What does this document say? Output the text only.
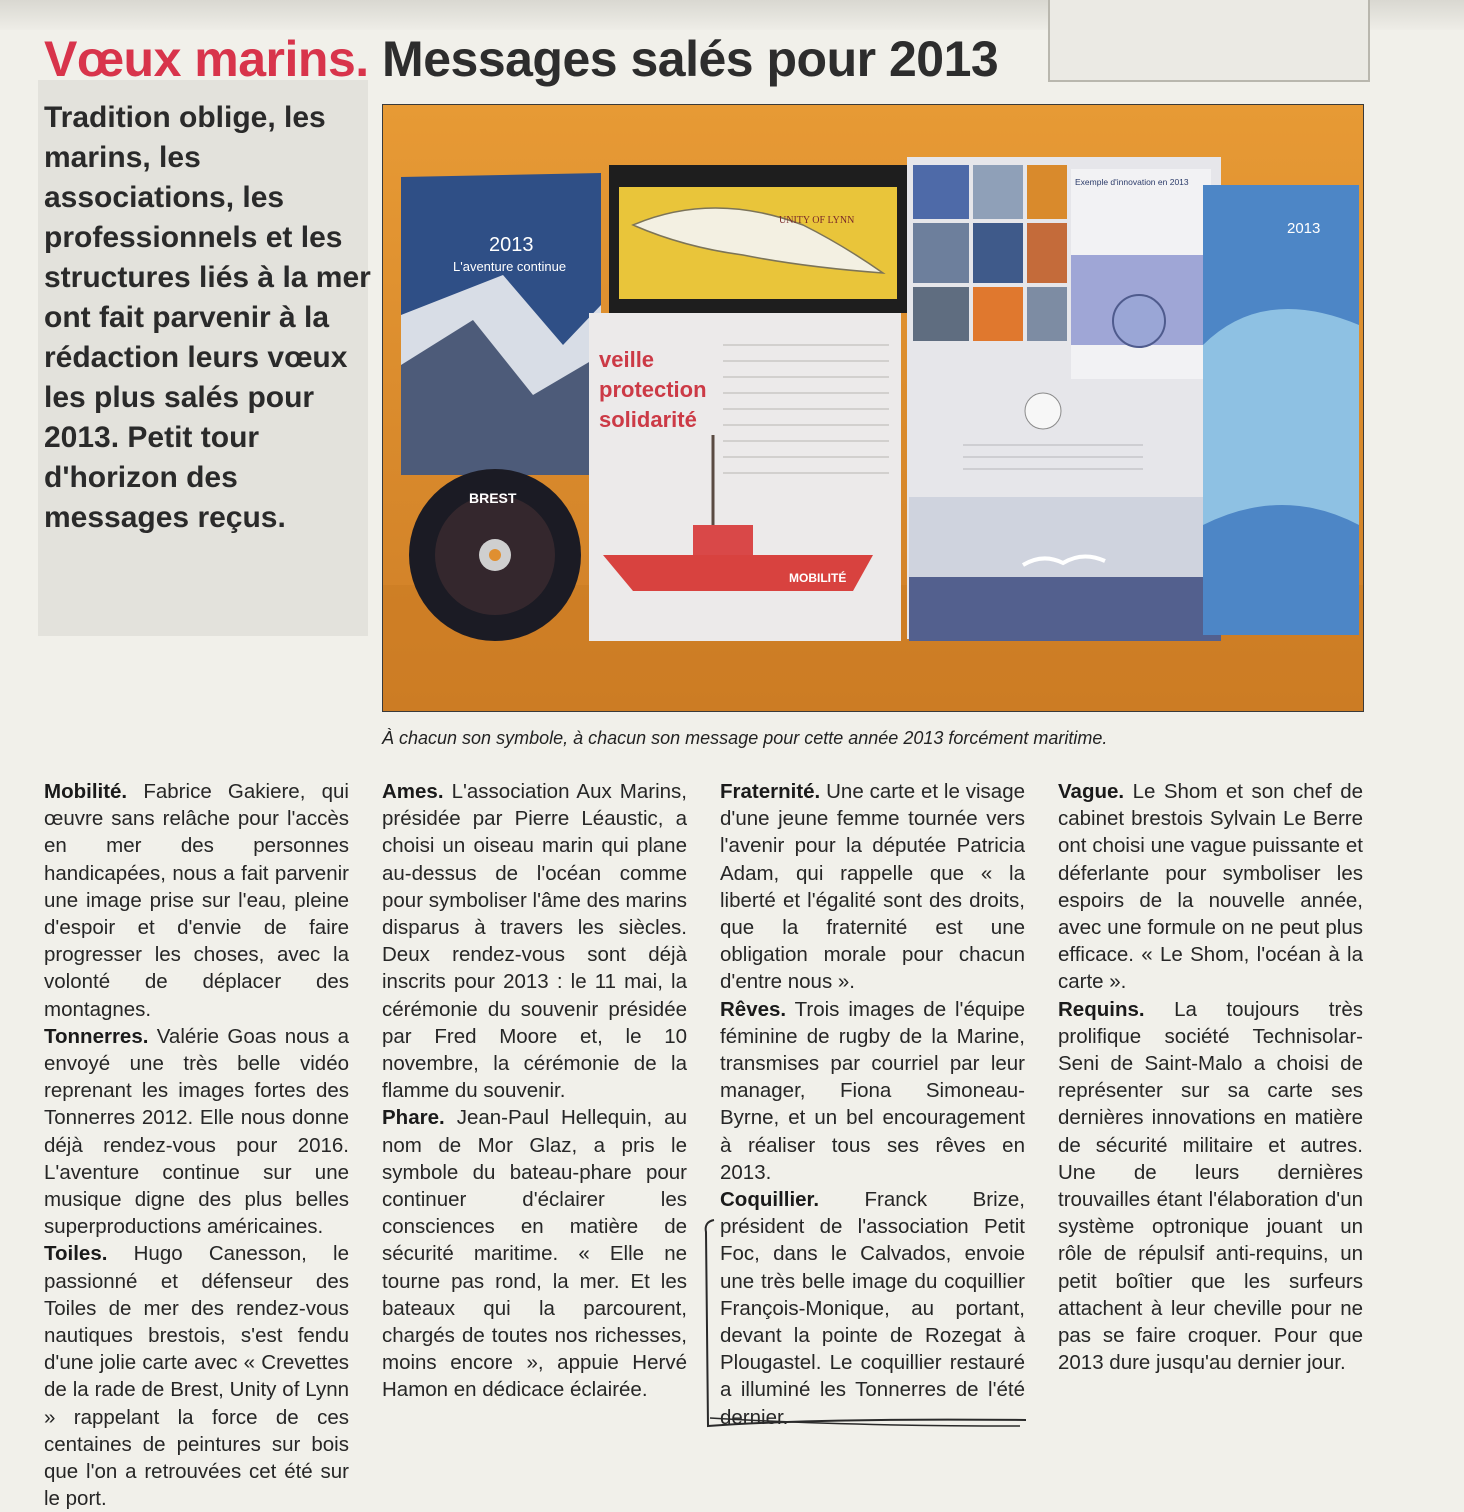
Vœux marins. Messages salés pour 2013

Tradition oblige, les marins, les associations, les professionnels et les structures liés à la mer ont fait parvenir à la rédaction leurs vœux les plus salés pour 2013. Petit tour d'horizon des messages reçus.

2013
L'aventure continue
BREST
UNITY OF LYNN
veille
protection
solidarité
MOBILITÉ
Exemple d'innovation en 2013
2013

À chacun son symbole, à chacun son message pour cette année 2013 forcément maritime.

Mobilité. Fabrice Gakiere, qui œuvre sans relâche pour l'accès en mer des personnes handicapées, nous a fait parvenir une image prise sur l'eau, pleine d'espoir et d'envie de faire progresser les choses, avec la volonté de déplacer des montagnes.

Tonnerres. Valérie Goas nous a envoyé une très belle vidéo reprenant les images fortes des Tonnerres 2012. Elle nous donne déjà rendez-vous pour 2016. L'aventure continue sur une musique digne des plus belles superproductions américaines.

Toiles. Hugo Canesson, le passionné et défenseur des Toiles de mer des rendez-vous nautiques brestois, s'est fendu d'une jolie carte avec « Crevettes de la rade de Brest, Unity of Lynn » rappelant la force de ces centaines de peintures sur bois que l'on a retrouvées cet été sur le port.

Ames. L'association Aux Marins, présidée par Pierre Léaustic, a choisi un oiseau marin qui plane au-dessus de l'océan comme pour symboliser l'âme des marins disparus à travers les siècles. Deux rendez-vous sont déjà inscrits pour 2013 : le 11 mai, la cérémonie du souvenir présidée par Fred Moore et, le 10 novembre, la cérémonie de la flamme du souvenir.

Phare. Jean-Paul Hellequin, au nom de Mor Glaz, a pris le symbole du bateau-phare pour continuer d'éclairer les consciences en matière de sécurité maritime. « Elle ne tourne pas rond, la mer. Et les bateaux qui la parcourent, chargés de toutes nos richesses, moins encore », appuie Hervé Hamon en dédicace éclairée.

Fraternité. Une carte et le visage d'une jeune femme tournée vers l'avenir pour la députée Patricia Adam, qui rappelle que « la liberté et l'égalité sont des droits, que la fraternité est une obligation morale pour chacun d'entre nous ».

Rêves. Trois images de l'équipe féminine de rugby de la Marine, transmises par courriel par leur manager, Fiona Simoneau-Byrne, et un bel encouragement à réaliser tous ses rêves en 2013.

Coquillier. Franck Brize, président de l'association Petit Foc, dans le Calvados, envoie une très belle image du coquillier François-Monique, au portant, devant la pointe de Rozegat à Plougastel. Le coquillier restauré a illuminé les Tonnerres de l'été dernier.

Vague. Le Shom et son chef de cabinet brestois Sylvain Le Berre ont choisi une vague puissante et déferlante pour symboliser les espoirs de la nouvelle année, avec une formule on ne peut plus efficace. « Le Shom, l'océan à la carte ».

Requins. La toujours très prolifique société Technisolar-Seni de Saint-Malo a choisi de représenter sur sa carte ses dernières innovations en matière de sécurité militaire et autres. Une de leurs dernières trouvailles étant l'élaboration d'un système optronique jouant un rôle de répulsif anti-requins, un petit boîtier que les surfeurs attachent à leur cheville pour ne pas se faire croquer. Pour que 2013 dure jusqu'au dernier jour.
